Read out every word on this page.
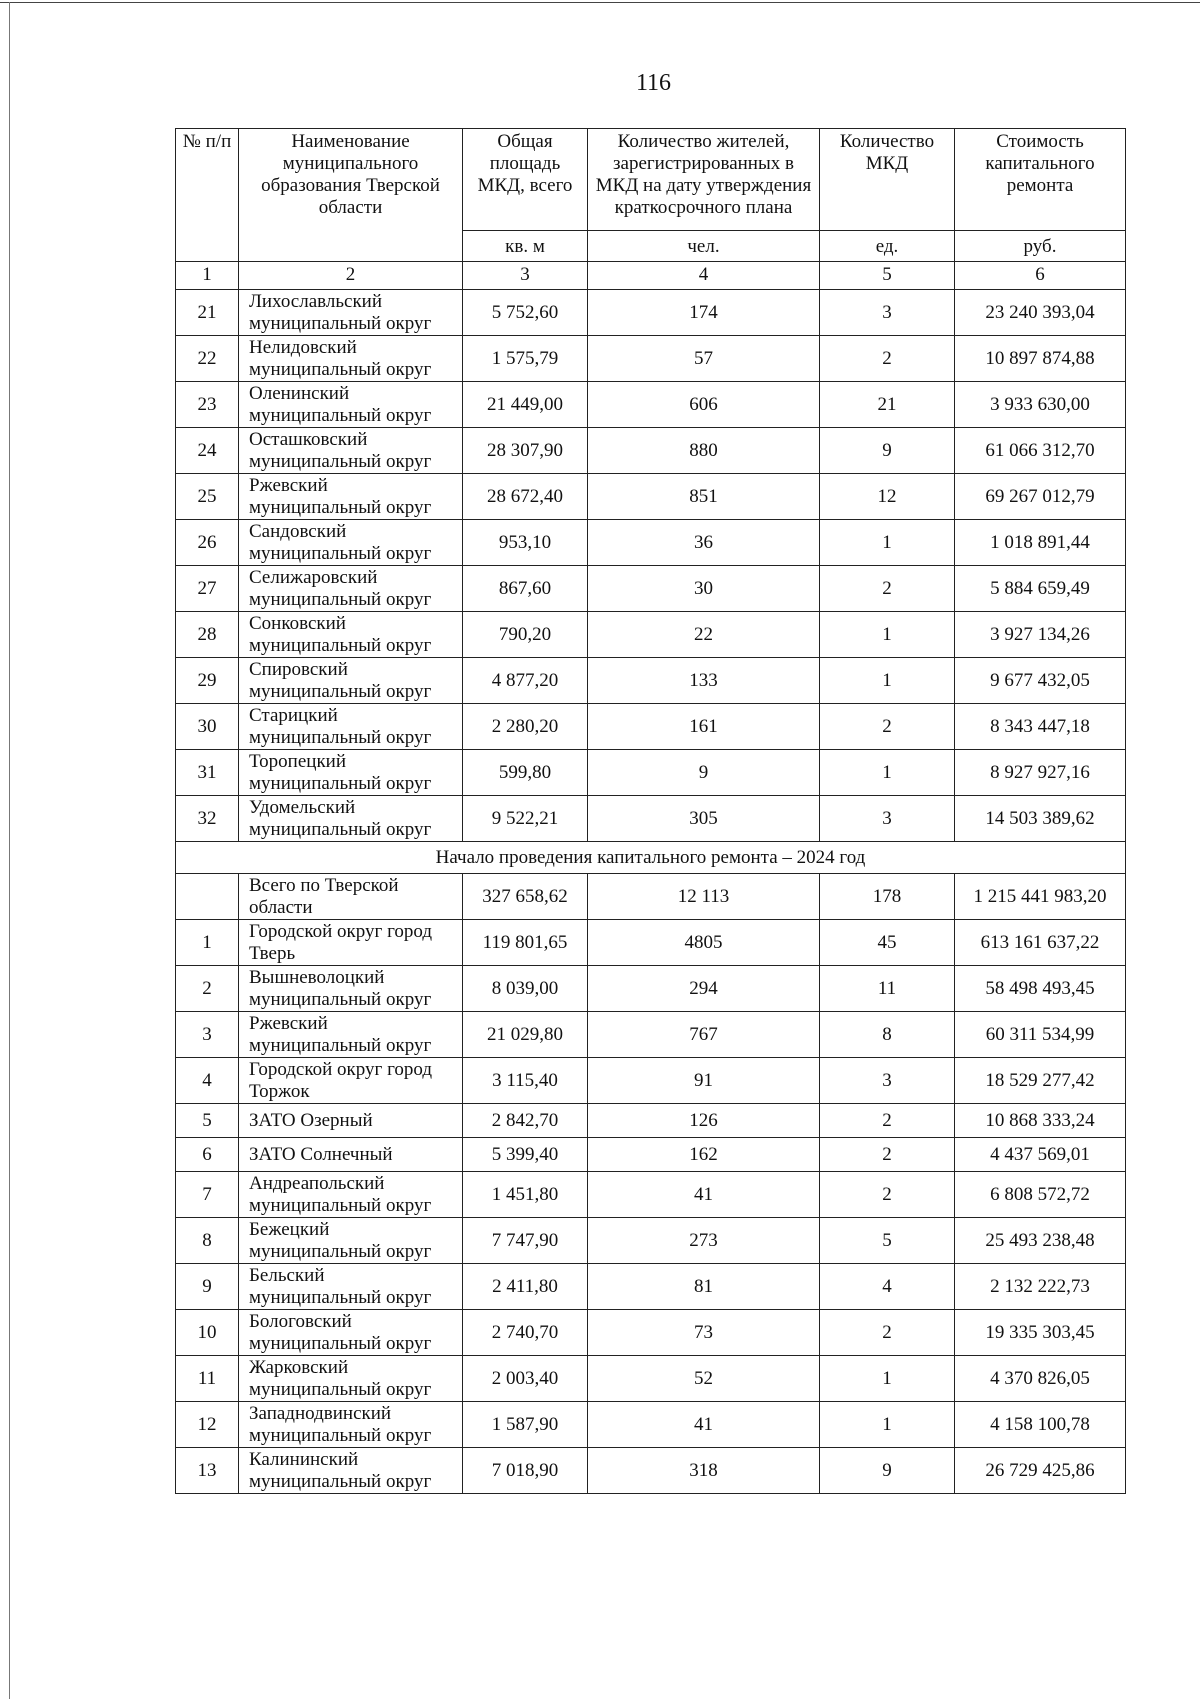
116
№ п/п	Наименование муниципального образования Тверской области	Общая площадь МКД, всего	Количество жителей, зарегистрированных в МКД на дату утверждения краткосрочного плана	Количество МКД	Стоимость капитального ремонта
		кв. м	чел.	ед.	руб.
1	2	3	4	5	6
21	Лихославльский муниципальный округ	5 752,60	174	3	23 240 393,04
22	Нелидовский муниципальный округ	1 575,79	57	2	10 897 874,88
23	Оленинский муниципальный округ	21 449,00	606	21	3 933 630,00
24	Осташковский муниципальный округ	28 307,90	880	9	61 066 312,70
25	Ржевский муниципальный округ	28 672,40	851	12	69 267 012,79
26	Сандовский муниципальный округ	953,10	36	1	1 018 891,44
27	Селижаровский муниципальный округ	867,60	30	2	5 884 659,49
28	Сонковский муниципальный округ	790,20	22	1	3 927 134,26
29	Спировский муниципальный округ	4 877,20	133	1	9 677 432,05
30	Старицкий муниципальный округ	2 280,20	161	2	8 343 447,18
31	Торопецкий муниципальный округ	599,80	9	1	8 927 927,16
32	Удомельский муниципальный округ	9 522,21	305	3	14 503 389,62
Начало проведения капитального ремонта – 2024 год					
	Всего по Тверской области	327 658,62	12 113	178	1 215 441 983,20
1	Городской округ город Тверь	119 801,65	4805	45	613 161 637,22
2	Вышневолоцкий муниципальный округ	8 039,00	294	11	58 498 493,45
3	Ржевский муниципальный округ	21 029,80	767	8	60 311 534,99
4	Городской округ город Торжок	3 115,40	91	3	18 529 277,42
5	ЗАТО Озерный	2 842,70	126	2	10 868 333,24
6	ЗАТО Солнечный	5 399,40	162	2	4 437 569,01
7	Андреапольский муниципальный округ	1 451,80	41	2	6 808 572,72
8	Бежецкий муниципальный округ	7 747,90	273	5	25 493 238,48
9	Бельский муниципальный округ	2 411,80	81	4	2 132 222,73
10	Бологовский муниципальный округ	2 740,70	73	2	19 335 303,45
11	Жарковский муниципальный округ	2 003,40	52	1	4 370 826,05
12	Западнодвинский муниципальный округ	1 587,90	41	1	4 158 100,78
13	Калининский муниципальный округ	7 018,90	318	9	26 729 425,86
